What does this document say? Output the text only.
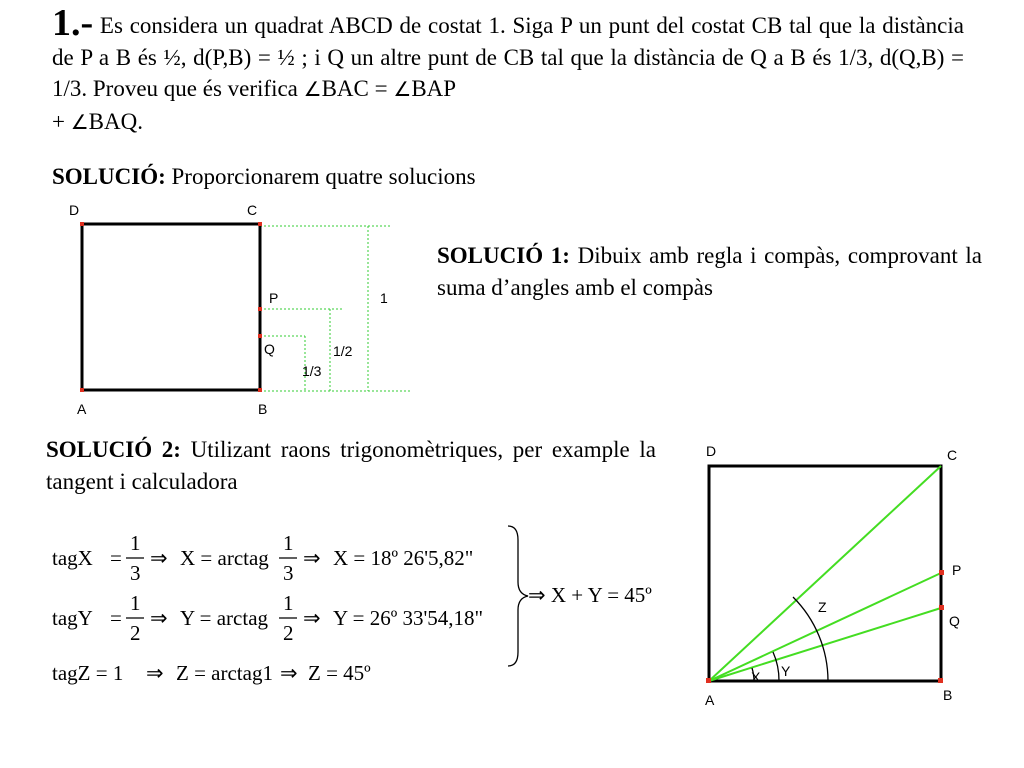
1.- Es considera un quadrat ABCD de costat 1. Siga P un punt del costat CB tal que la distància de P a B és ½, d(P,B) = ½ ; i Q un altre punt de CB tal que la distància de Q a B és 1/3, d(Q,B) = 1/3. Proveu que és verifica ∠BAC = ∠BAP
+ ∠BAQ.
SOLUCIÓ: Proporcionarem quatre solucions
D	C
A	B
P
Q
1
1/2
1/3
SOLUCIÓ 1: Dibuix amb regla i compàs, comprovant la suma d’angles amb el compàs
SOLUCIÓ 2: Utilizant raons trigonomètriques, per example la tangent i calculadora
tagX =
1
3
⇒ X = arctag
1
3
⇒ X = 18º 26'5,82"
tagY =
1
2
⇒ Y = arctag
1
2
⇒ Y = 26º 33'54,18"
⇒ X + Y = 45º
tagZ = 1 ⇒ Z = arctag1 ⇒ Z = 45º
D	C
P
Q
A	B
X Y
Z
